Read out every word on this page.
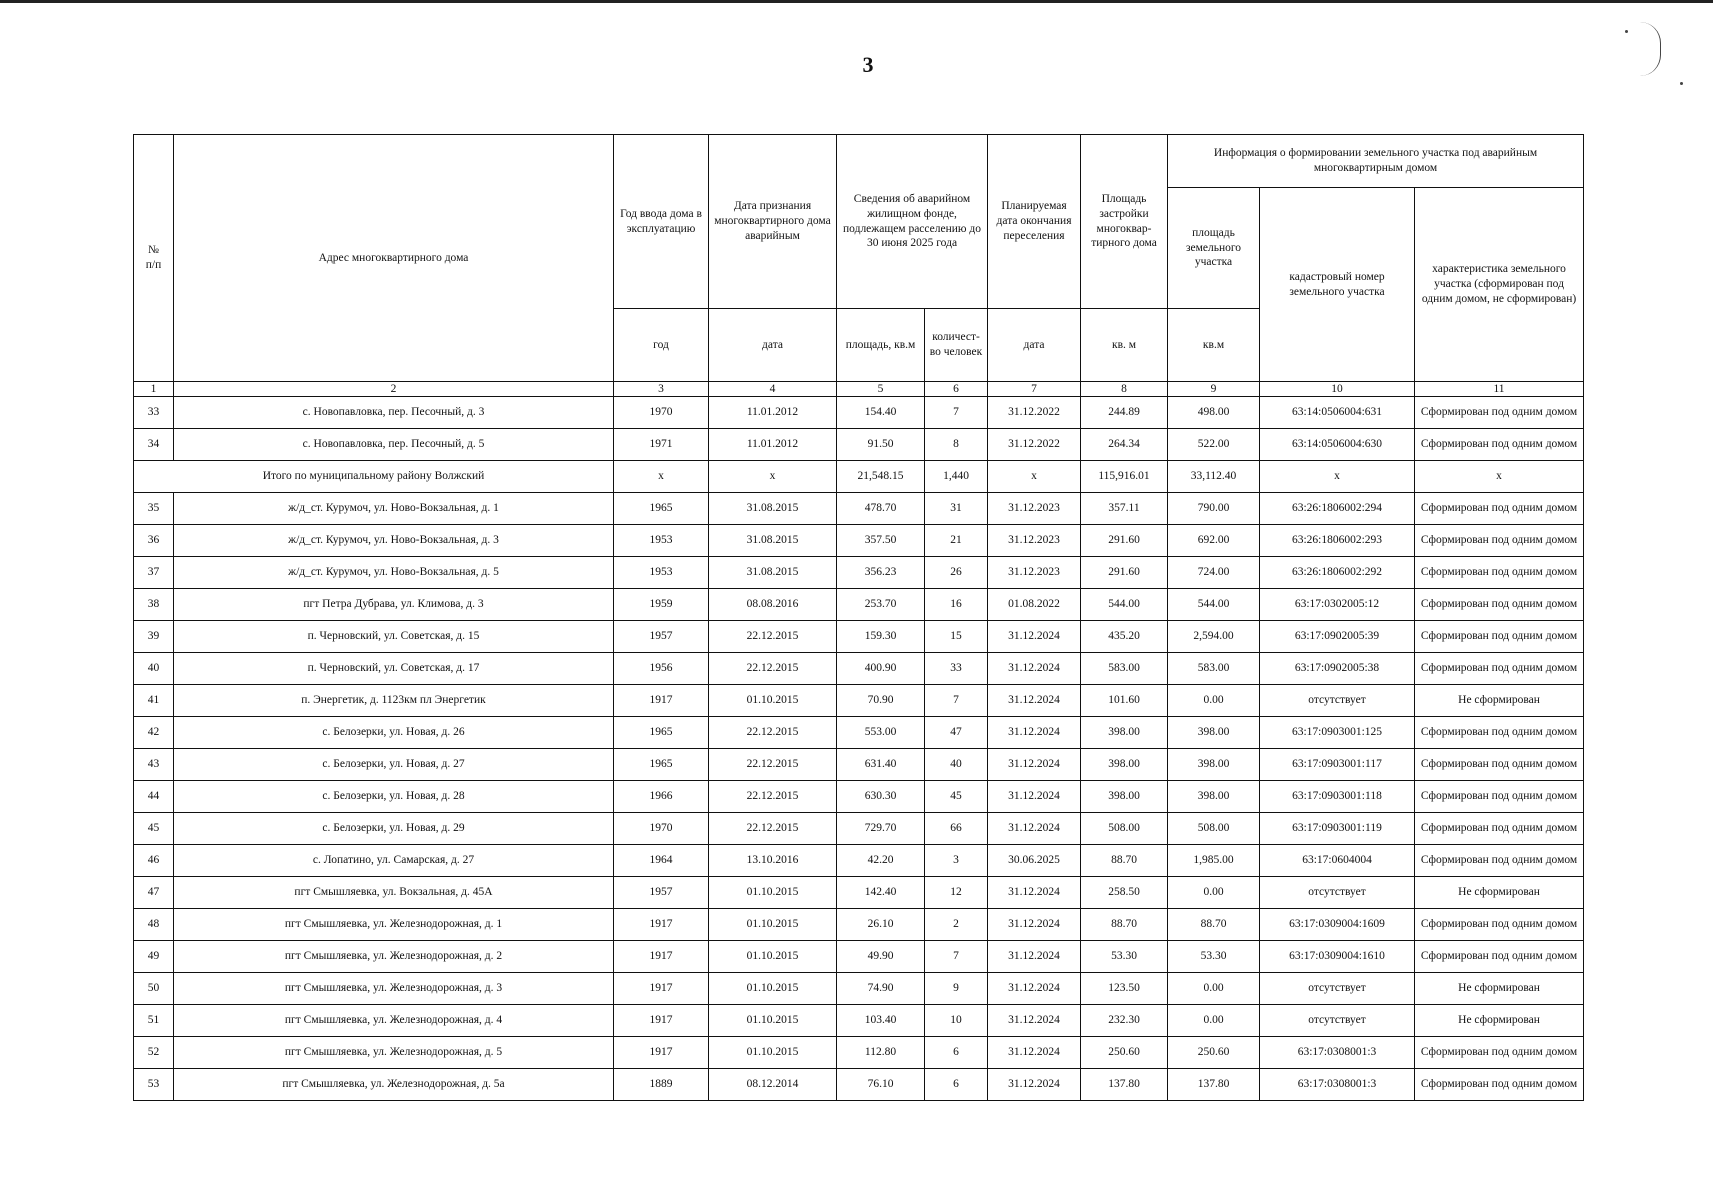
3
№
п/п	Адрес многоквартирного дома	Год ввода дома в эксплуатацию	Дата признания многоквартирного дома аварийным	Сведения об аварийном жилищном фонде, подлежащем расселению до 30 июня 2025 года		Планируемая дата окончания переселения	Площадь застройки многоквар-тирного дома	Информация о формировании земельного участка под аварийным многоквартирным домом		
								площадь земельного участка	кадастровый номер земельного участка	характеристика земельного участка (сформирован под одним домом, не сформирован)
		год	дата	площадь, кв.м	количест-во человек	дата	кв. м	кв.м		
1	2	3	4	5	6	7	8	9	10	11
33	с. Новопавловка, пер. Песочный, д. 3	1970	11.01.2012	154.40	7	31.12.2022	244.89	498.00	63:14:0506004:631	Сформирован под одним домом
34	с. Новопавловка, пер. Песочный, д. 5	1971	11.01.2012	91.50	8	31.12.2022	264.34	522.00	63:14:0506004:630	Сформирован под одним домом
Итого по муниципальному району Волжский		x	x	21,548.15	1,440	x	115,916.01	33,112.40	x	x
35	ж/д_ст. Курумоч, ул. Ново-Вокзальная, д. 1	1965	31.08.2015	478.70	31	31.12.2023	357.11	790.00	63:26:1806002:294	Сформирован под одним домом
36	ж/д_ст. Курумоч, ул. Ново-Вокзальная, д. 3	1953	31.08.2015	357.50	21	31.12.2023	291.60	692.00	63:26:1806002:293	Сформирован под одним домом
37	ж/д_ст. Курумоч, ул. Ново-Вокзальная, д. 5	1953	31.08.2015	356.23	26	31.12.2023	291.60	724.00	63:26:1806002:292	Сформирован под одним домом
38	пгт Петра Дубрава, ул. Климова, д. 3	1959	08.08.2016	253.70	16	01.08.2022	544.00	544.00	63:17:0302005:12	Сформирован под одним домом
39	п. Черновский, ул. Советская, д. 15	1957	22.12.2015	159.30	15	31.12.2024	435.20	2,594.00	63:17:0902005:39	Сформирован под одним домом
40	п. Черновский, ул. Советская, д. 17	1956	22.12.2015	400.90	33	31.12.2024	583.00	583.00	63:17:0902005:38	Сформирован под одним домом
41	п. Энергетик, д. 1123км пл Энергетик	1917	01.10.2015	70.90	7	31.12.2024	101.60	0.00	отсутствует	Не сформирован
42	с. Белозерки, ул. Новая, д. 26	1965	22.12.2015	553.00	47	31.12.2024	398.00	398.00	63:17:0903001:125	Сформирован под одним домом
43	с. Белозерки, ул. Новая, д. 27	1965	22.12.2015	631.40	40	31.12.2024	398.00	398.00	63:17:0903001:117	Сформирован под одним домом
44	с. Белозерки, ул. Новая, д. 28	1966	22.12.2015	630.30	45	31.12.2024	398.00	398.00	63:17:0903001:118	Сформирован под одним домом
45	с. Белозерки, ул. Новая, д. 29	1970	22.12.2015	729.70	66	31.12.2024	508.00	508.00	63:17:0903001:119	Сформирован под одним домом
46	с. Лопатино, ул. Самарская, д. 27	1964	13.10.2016	42.20	3	30.06.2025	88.70	1,985.00	63:17:0604004	Сформирован под одним домом
47	пгт Смышляевка, ул. Вокзальная, д. 45А	1957	01.10.2015	142.40	12	31.12.2024	258.50	0.00	отсутствует	Не сформирован
48	пгт Смышляевка, ул. Железнодорожная, д. 1	1917	01.10.2015	26.10	2	31.12.2024	88.70	88.70	63:17:0309004:1609	Сформирован под одним домом
49	пгт Смышляевка, ул. Железнодорожная, д. 2	1917	01.10.2015	49.90	7	31.12.2024	53.30	53.30	63:17:0309004:1610	Сформирован под одним домом
50	пгт Смышляевка, ул. Железнодорожная, д. 3	1917	01.10.2015	74.90	9	31.12.2024	123.50	0.00	отсутствует	Не сформирован
51	пгт Смышляевка, ул. Железнодорожная, д. 4	1917	01.10.2015	103.40	10	31.12.2024	232.30	0.00	отсутствует	Не сформирован
52	пгт Смышляевка, ул. Железнодорожная, д. 5	1917	01.10.2015	112.80	6	31.12.2024	250.60	250.60	63:17:0308001:3	Сформирован под одним домом
53	пгт Смышляевка, ул. Железнодорожная, д. 5а	1889	08.12.2014	76.10	6	31.12.2024	137.80	137.80	63:17:0308001:3	Сформирован под одним домом
